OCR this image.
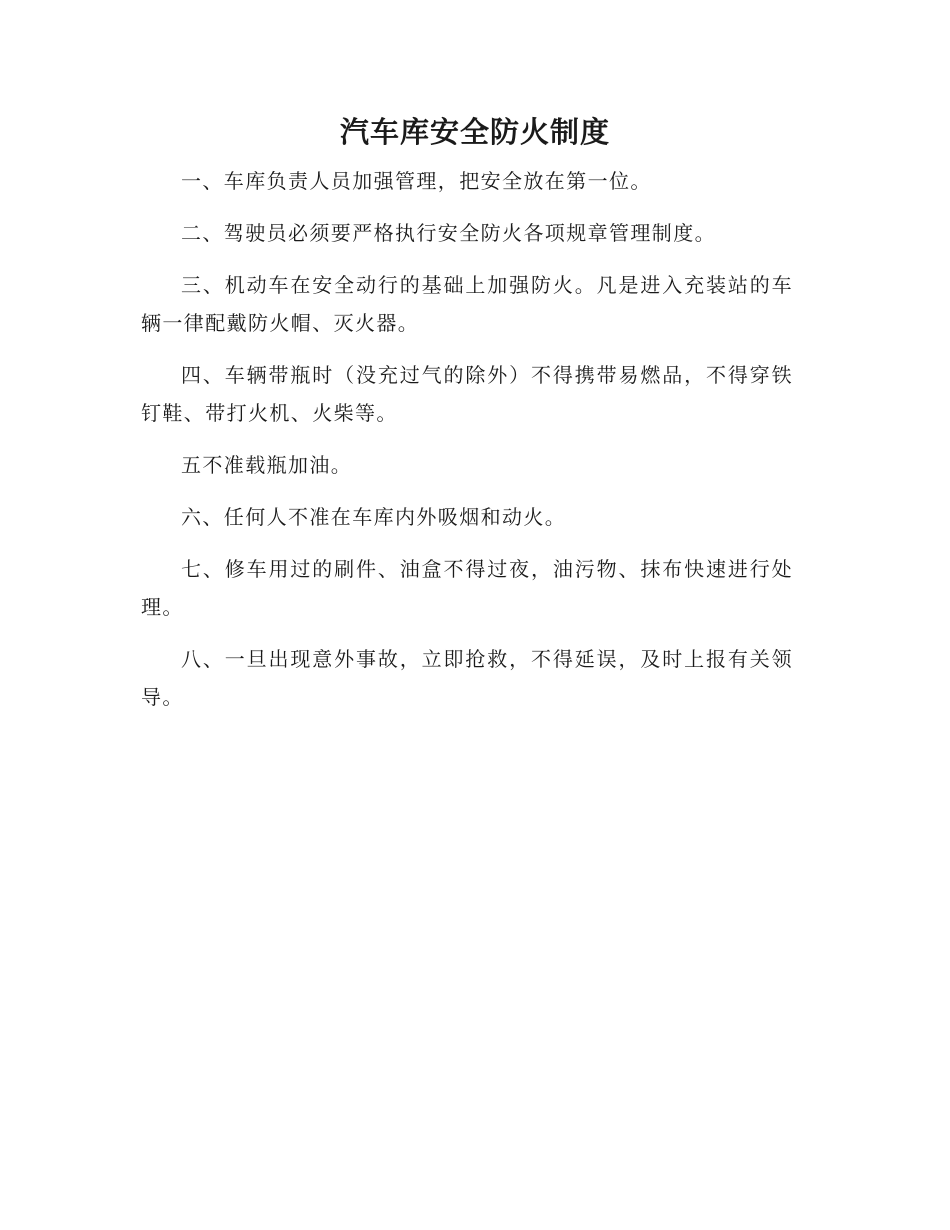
汽车库安全防火制度

一、车库负责人员加强管理，把安全放在第一位。

二、驾驶员必须要严格执行安全防火各项规章管理制度。

三、机动车在安全动行的基础上加强防火。凡是进入充装站的车辆一律配戴防火帽、灭火器。

四、车辆带瓶时（没充过气的除外）不得携带易燃品，不得穿铁钉鞋、带打火机、火柴等。

五不准载瓶加油。

六、任何人不准在车库内外吸烟和动火。

七、修车用过的刷件、油盒不得过夜，油污物、抹布快速进行处理。

八、一旦出现意外事故，立即抢救，不得延误，及时上报有关领导。
